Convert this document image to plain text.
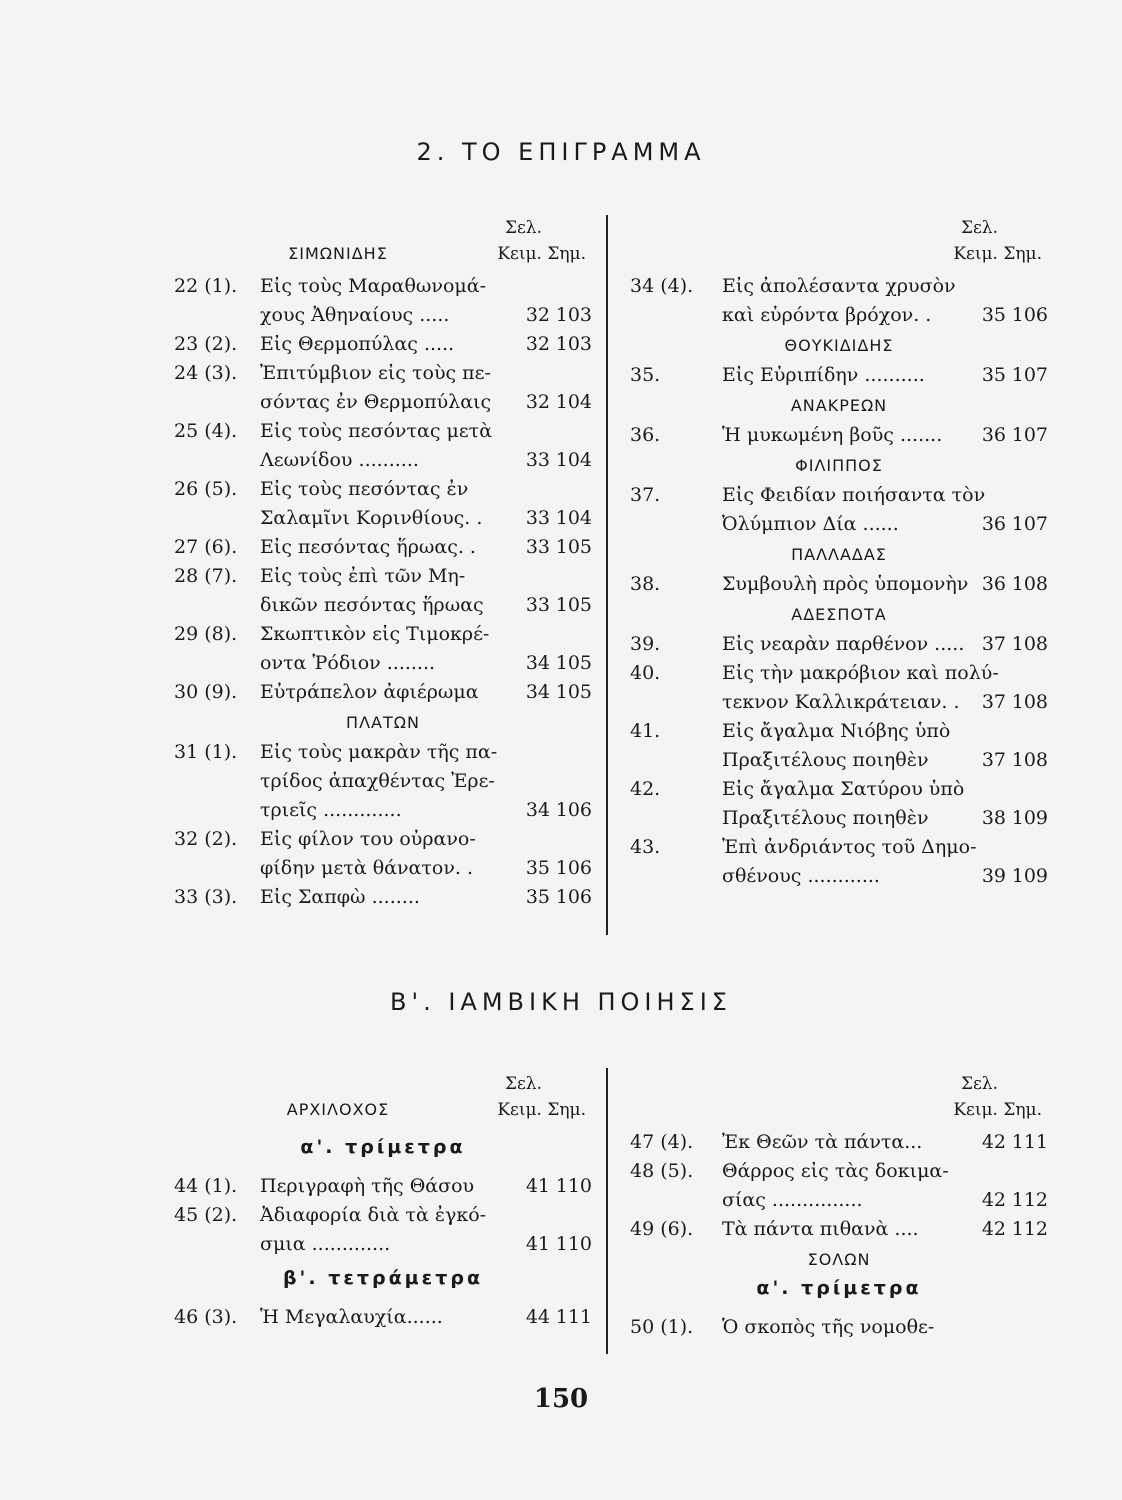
2. ΤΟ ΕΠΙΓΡΑΜΜΑ
Σελ.
ΣΙΜΩΝΙΔΗΣ	Κειμ. Σημ.
22 (1). Εἰς τοὺς Μαραθωνομά-
χους Ἀθηναίους .....	32 103
23 (2). Εἰς Θερμοπύλας .....	32 103
24 (3). Ἐπιτύμβιον εἰς τοὺς πε-
σόντας ἐν Θερμοπύλαις	32 104
25 (4). Εἰς τοὺς πεσόντας μετὰ
Λεωνίδου ..........	33 104
26 (5). Εἰς τοὺς πεσόντας ἐν
Σαλαμῖνι Κορινθίους. .	33 104
27 (6). Εἰς πεσόντας ἥρωας. .	33 105
28 (7). Εἰς τοὺς ἐπὶ τῶν Μη-
δικῶν πεσόντας ἥρωας	33 105
29 (8). Σκωπτικὸν εἰς Τιμοκρέ-
οντα Ῥόδιον ........	34 105
30 (9). Εὐτράπελον ἀφιέρωμα	34 105
ΠΛΑΤΩΝ
31 (1). Εἰς τοὺς μακρὰν τῆς πα-
τρίδος ἀπαχθέντας Ἐρε-
τριεῖς .............	34 106
32 (2). Εἰς φίλον του οὐρανο-
φίδην μετὰ θάνατον. .	35 106
33 (3). Εἰς Σαπφὼ ........	35 106
Σελ.
Κειμ. Σημ.
34 (4). Εἰς ἀπολέσαντα χρυσὸν
καὶ εὑρόντα βρόχον. .	35 106
ΘΟΥΚΙΔΙΔΗΣ
35.	Εἰς Εὐριπίδην ..........	35 107
ΑΝΑΚΡΕΩΝ
36.	Ἡ μυκωμένη βοῦς .......	36 107
ΦΙΛΙΠΠΟΣ
37.	Εἰς Φειδίαν ποιήσαντα τὸν
Ὀλύμπιον Δία ......	36 107
ΠΑΛΛΑΔΑΣ
38.	Συμβουλὴ πρὸς ὑπομονὴν 36 108
ΑΔΕΣΠΟΤΑ
39.	Εἰς νεαρὰν παρθένον ..... 37 108
40.	Εἰς τὴν μακρόβιον καὶ πολύ-
τεκνον Καλλικράτειαν. .	37 108
41.	Εἰς ἄγαλμα Νιόβης ὑπὸ
Πραξιτέλους ποιηθὲν	37 108
42.	Εἰς ἄγαλμα Σατύρου ὑπὸ
Πραξιτέλους ποιηθὲν	38 109
43.	Ἐπὶ ἀνδριάντος τοῦ Δημο-
σθένους ............	39 109
Β'. ΙΑΜΒΙΚΗ ΠΟΙΗΣΙΣ
Σελ.
ΑΡΧΙΛΟΧΟΣ	Κειμ. Σημ.
α'. τρίμετρα
44 (1). Περιγραφὴ τῆς Θάσου	41 110
45 (2). Ἀδιαφορία διὰ τὰ ἐγκό-
σμια .............	41 110
β'. τετράμετρα
46 (3). Ἡ Μεγαλαυχία......	44 111
Σελ.
Κειμ. Σημ.
47 (4). Ἐκ Θεῶν τὰ πάντα...	42 111
48 (5). Θάρρος εἰς τὰς δοκιμα-
σίας ...............	42 112
49 (6). Τὰ πάντα πιθανὰ ....	42 112
ΣΟΛΩΝ
α'. τρίμετρα
50 (1). Ὁ σκοπὸς τῆς νομοθε-
150
